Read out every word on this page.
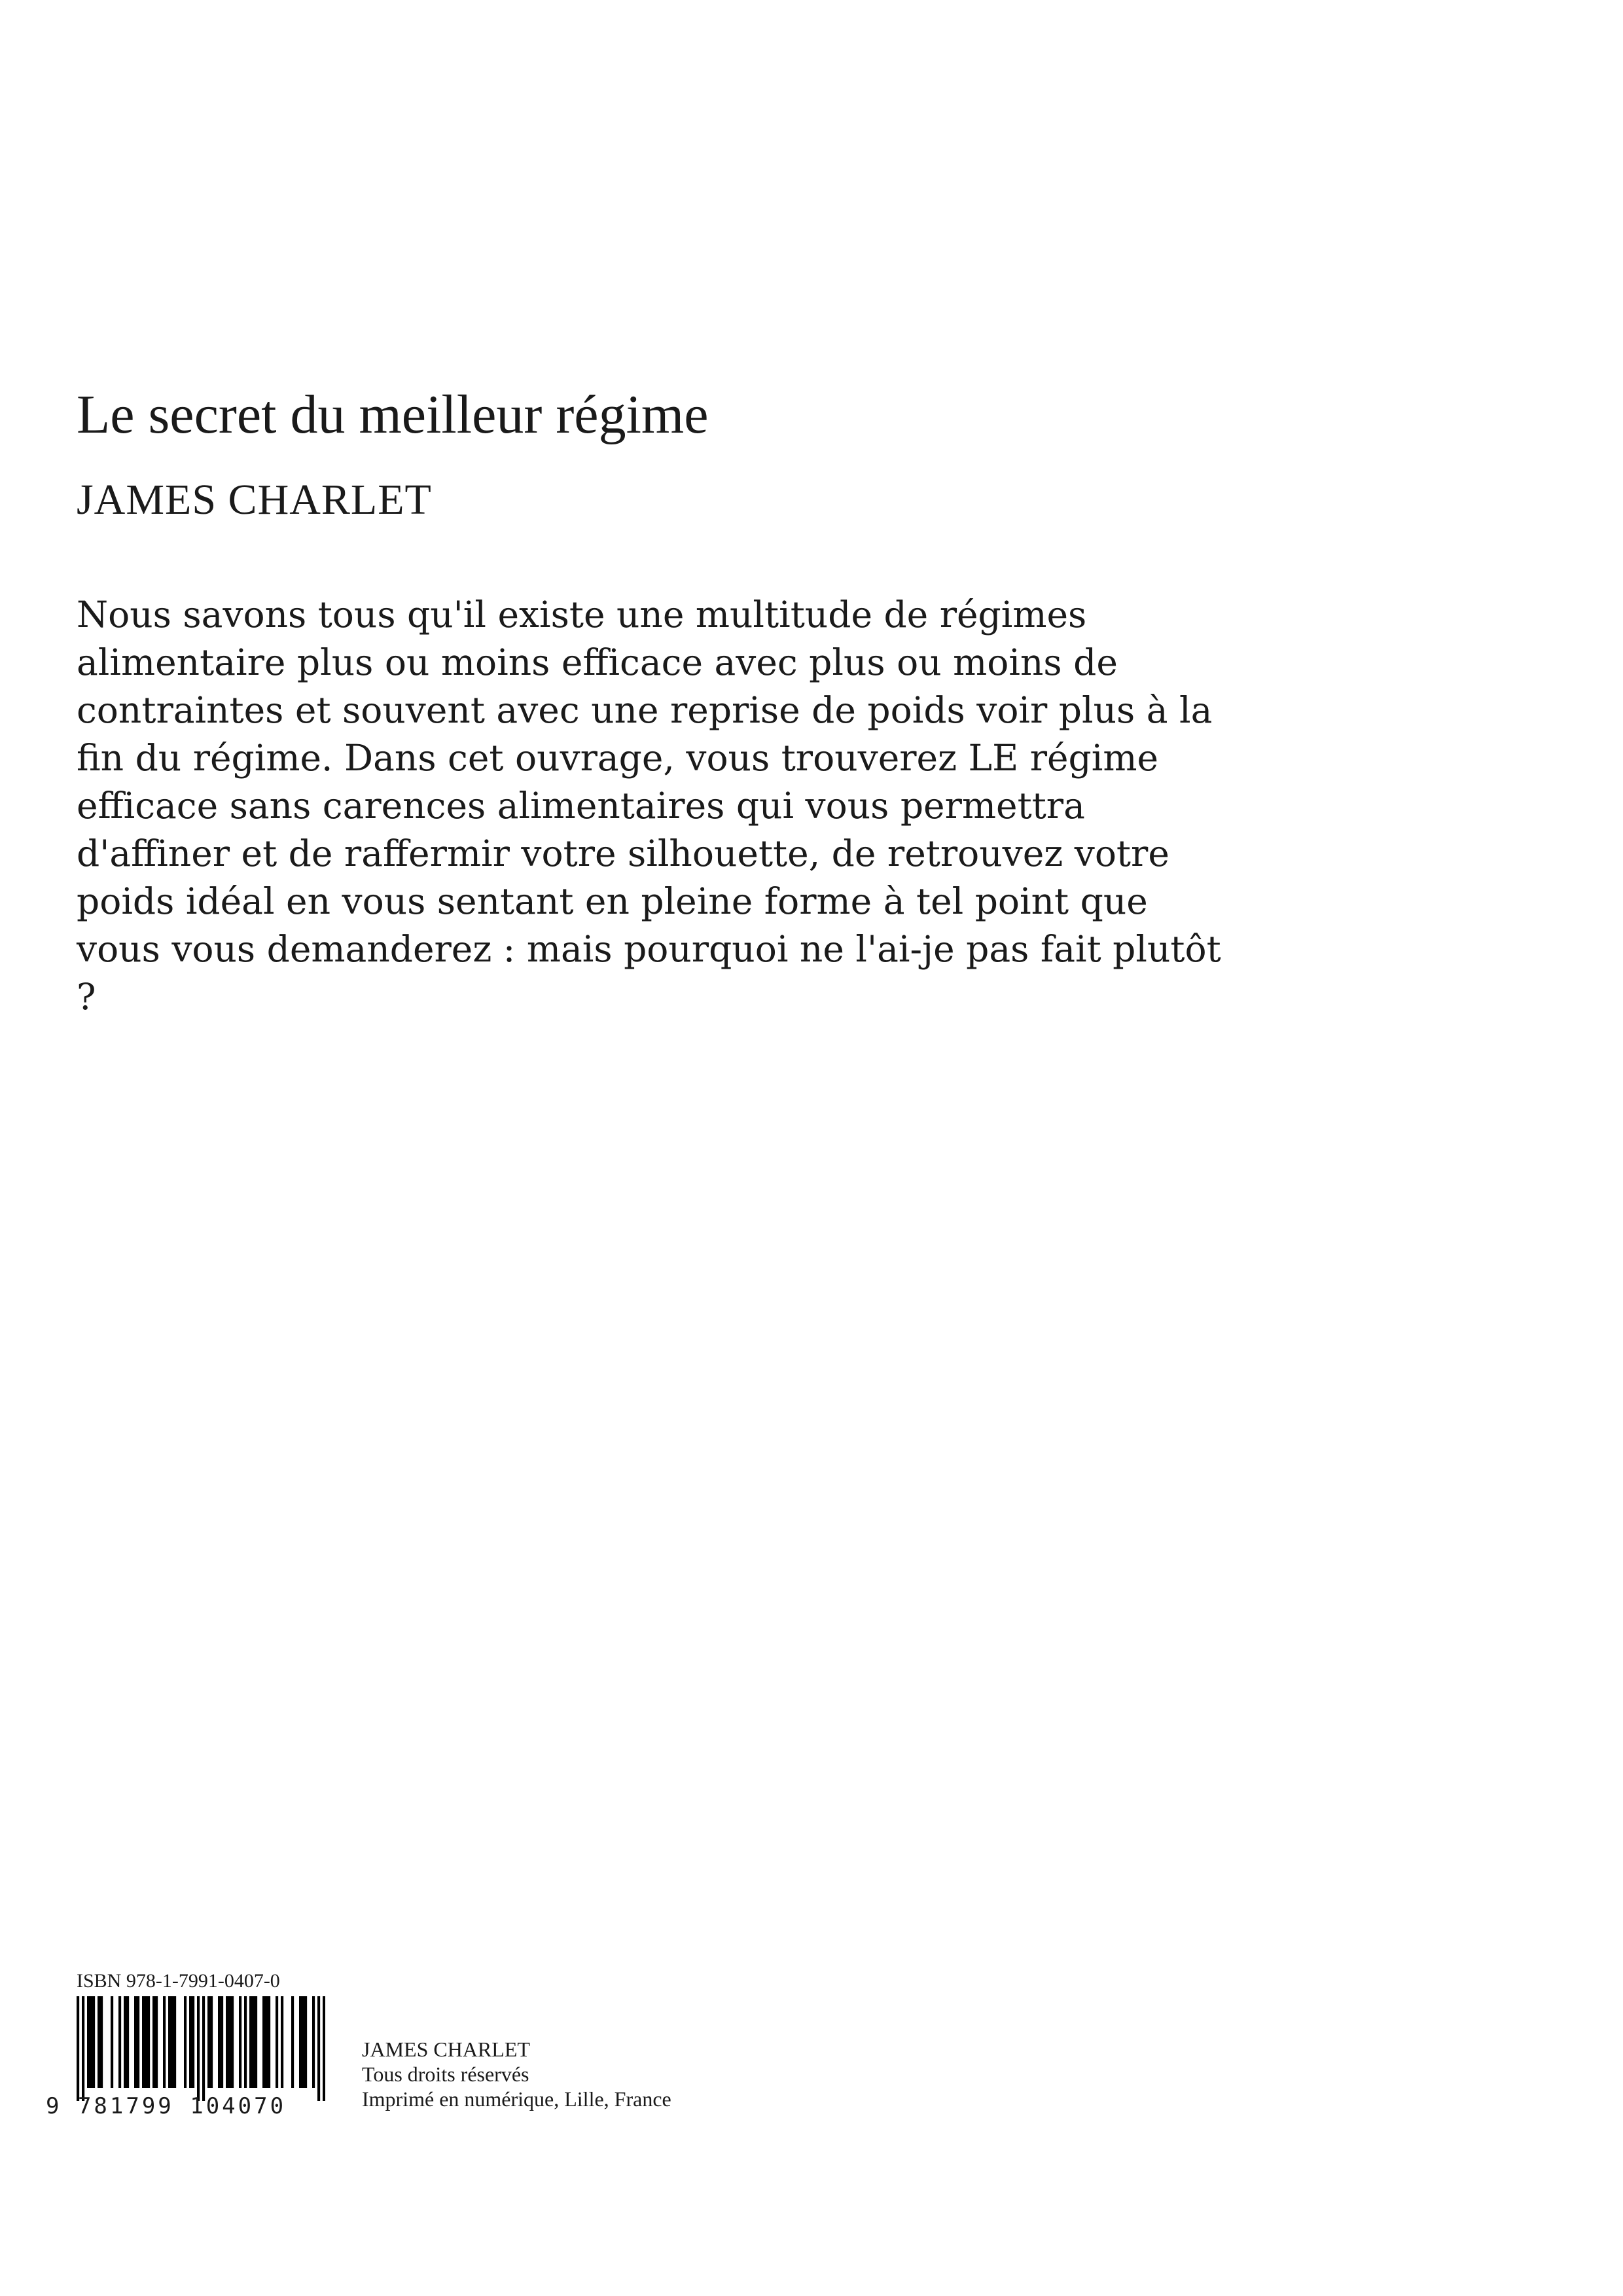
Le secret du meilleur régime
JAMES CHARLET

Nous savons tous qu'il existe une multitude de régimes alimentaire plus ou moins efficace avec plus ou moins de contraintes et souvent avec une reprise de poids voir plus à la fin du régime. Dans cet ouvrage, vous trouverez LE régime efficace sans carences alimentaires qui vous permettra d'affiner et de raffermir votre silhouette, de retrouvez votre poids idéal en vous sentant en pleine forme à tel point que vous vous demanderez : mais pourquoi ne l'ai-je pas fait plutôt ?

ISBN 978-1-7991-0407-0
9 781799 104070
JAMES CHARLET
Tous droits réservés
Imprimé en numérique, Lille, France
